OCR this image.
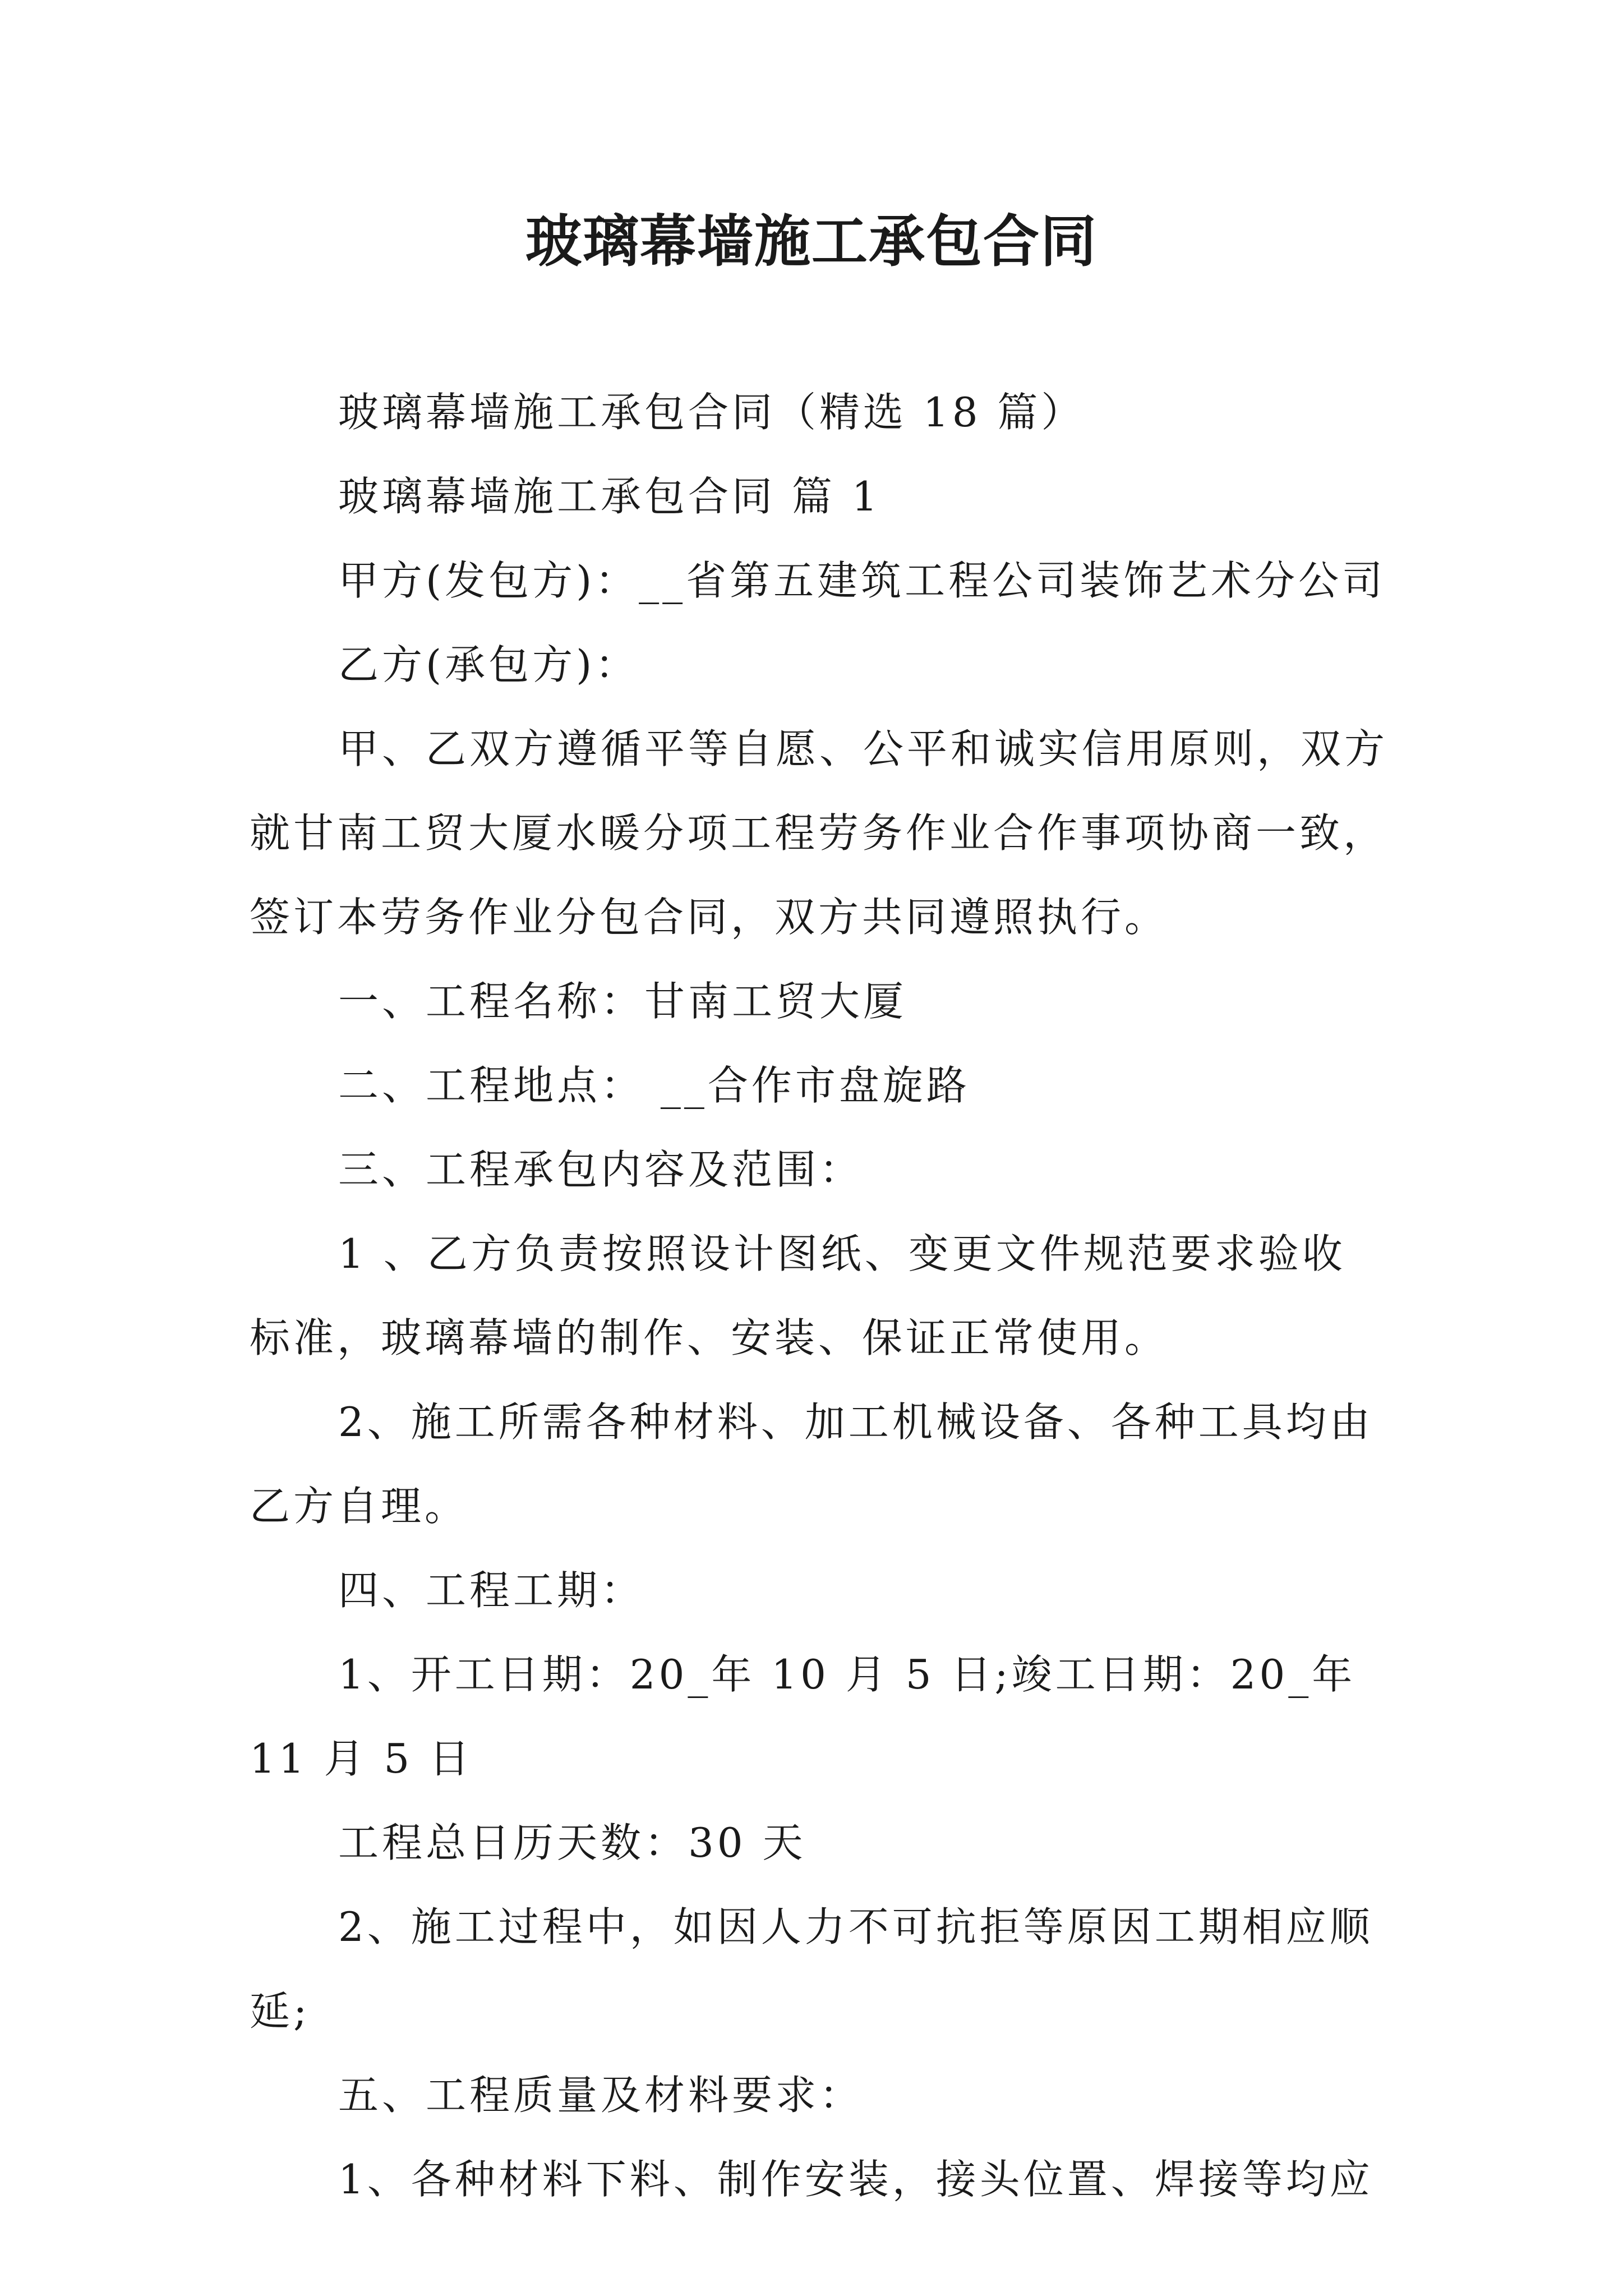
玻璃幕墙施工承包合同

玻璃幕墙施工承包合同（精选 18 篇）

玻璃幕墙施工承包合同 篇 1

甲方(发包方)：__省第五建筑工程公司装饰艺术分公司

乙方(承包方)：

甲、乙双方遵循平等自愿、公平和诚实信用原则，双方就甘南工贸大厦水暖分项工程劳务作业合作事项协商一致，签订本劳务作业分包合同，双方共同遵照执行。

一、工程名称：甘南工贸大厦

二、工程地点： __合作市盘旋路

三、工程承包内容及范围：

1 、乙方负责按照设计图纸、变更文件规范要求验收标准，玻璃幕墙的制作、安装、保证正常使用。

2、施工所需各种材料、加工机械设备、各种工具均由乙方自理。

四、工程工期：

1、开工日期：20_年 10 月 5 日;竣工日期：20_年 11 月 5 日

工程总日历天数：30 天

2、施工过程中，如因人力不可抗拒等原因工期相应顺延;

五、工程质量及材料要求：

1、各种材料下料、制作安装，接头位置、焊接等均应
